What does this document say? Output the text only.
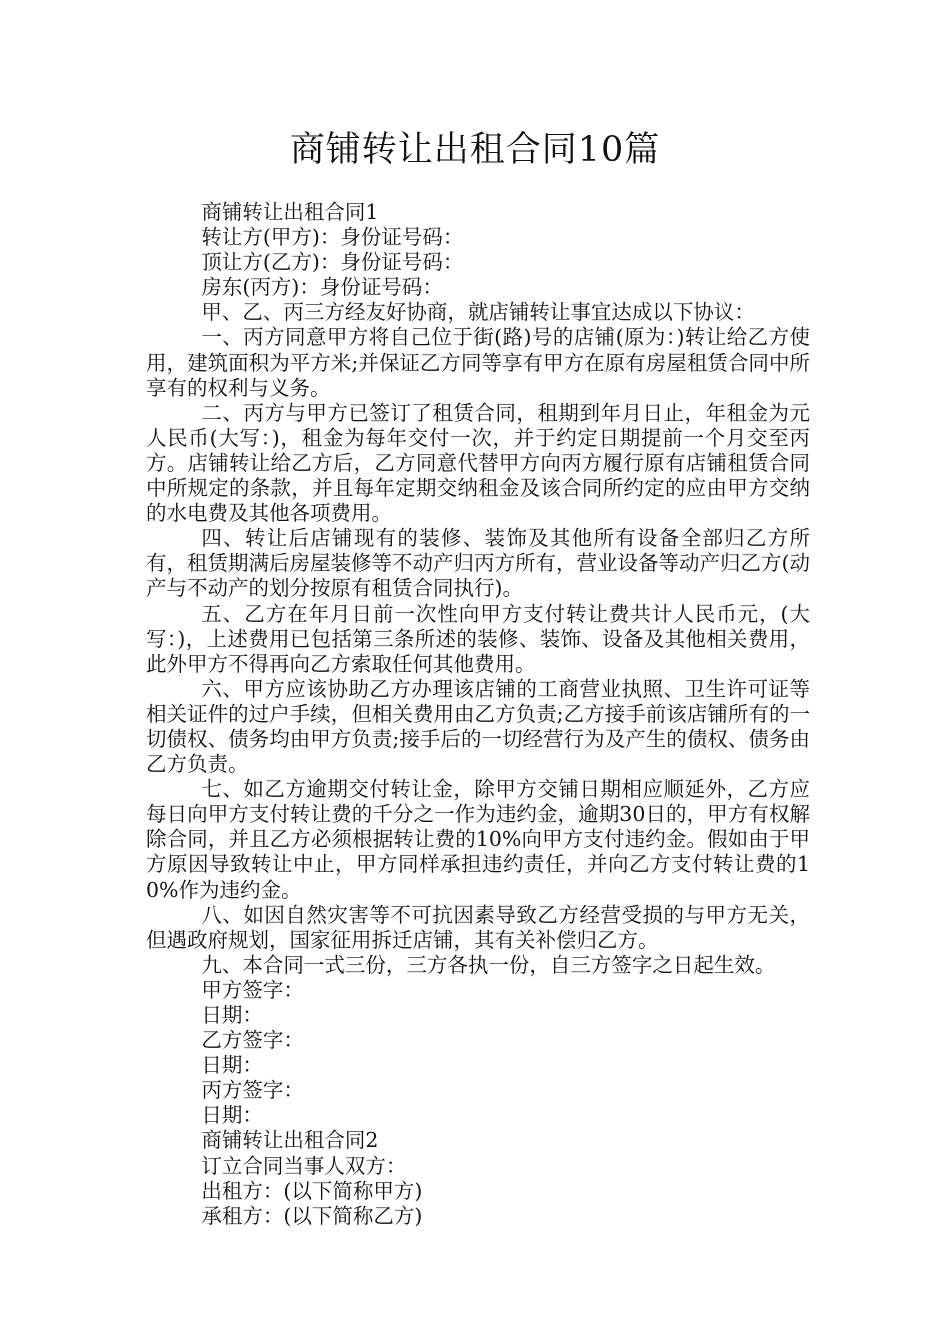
商铺转让出租合同10篇

商铺转让出租合同1

转让方(甲方)：身份证号码：

顶让方(乙方)：身份证号码：

房东(丙方)：身份证号码：

甲、乙、丙三方经友好协商，就店铺转让事宜达成以下协议：

一、丙方同意甲方将自己位于街(路)号的店铺(原为：)转让给乙方使用，建筑面积为平方米;并保证乙方同等享有甲方在原有房屋租赁合同中所享有的权利与义务。

二、丙方与甲方已签订了租赁合同，租期到年月日止，年租金为元人民币(大写：)，租金为每年交付一次，并于约定日期提前一个月交至丙方。店铺转让给乙方后，乙方同意代替甲方向丙方履行原有店铺租赁合同中所规定的条款，并且每年定期交纳租金及该合同所约定的应由甲方交纳的水电费及其他各项费用。

四、转让后店铺现有的装修、装饰及其他所有设备全部归乙方所有，租赁期满后房屋装修等不动产归丙方所有，营业设备等动产归乙方(动产与不动产的划分按原有租赁合同执行)。

五、乙方在年月日前一次性向甲方支付转让费共计人民币元，(大写：)，上述费用已包括第三条所述的装修、装饰、设备及其他相关费用，此外甲方不得再向乙方索取任何其他费用。

六、甲方应该协助乙方办理该店铺的工商营业执照、卫生许可证等相关证件的过户手续，但相关费用由乙方负责;乙方接手前该店铺所有的一切债权、债务均由甲方负责;接手后的一切经营行为及产生的债权、债务由乙方负责。

七、如乙方逾期交付转让金，除甲方交铺日期相应顺延外，乙方应每日向甲方支付转让费的千分之一作为违约金，逾期30日的，甲方有权解除合同，并且乙方必须根据转让费的10%向甲方支付违约金。假如由于甲方原因导致转让中止，甲方同样承担违约责任，并向乙方支付转让费的10%作为违约金。

八、如因自然灾害等不可抗因素导致乙方经营受损的与甲方无关，但遇政府规划，国家征用拆迁店铺，其有关补偿归乙方。

九、本合同一式三份，三方各执一份，自三方签字之日起生效。

甲方签字：

日期：

乙方签字：

日期：

丙方签字：

日期：

商铺转让出租合同2

订立合同当事人双方：

出租方：(以下简称甲方)

承租方：(以下简称乙方)
